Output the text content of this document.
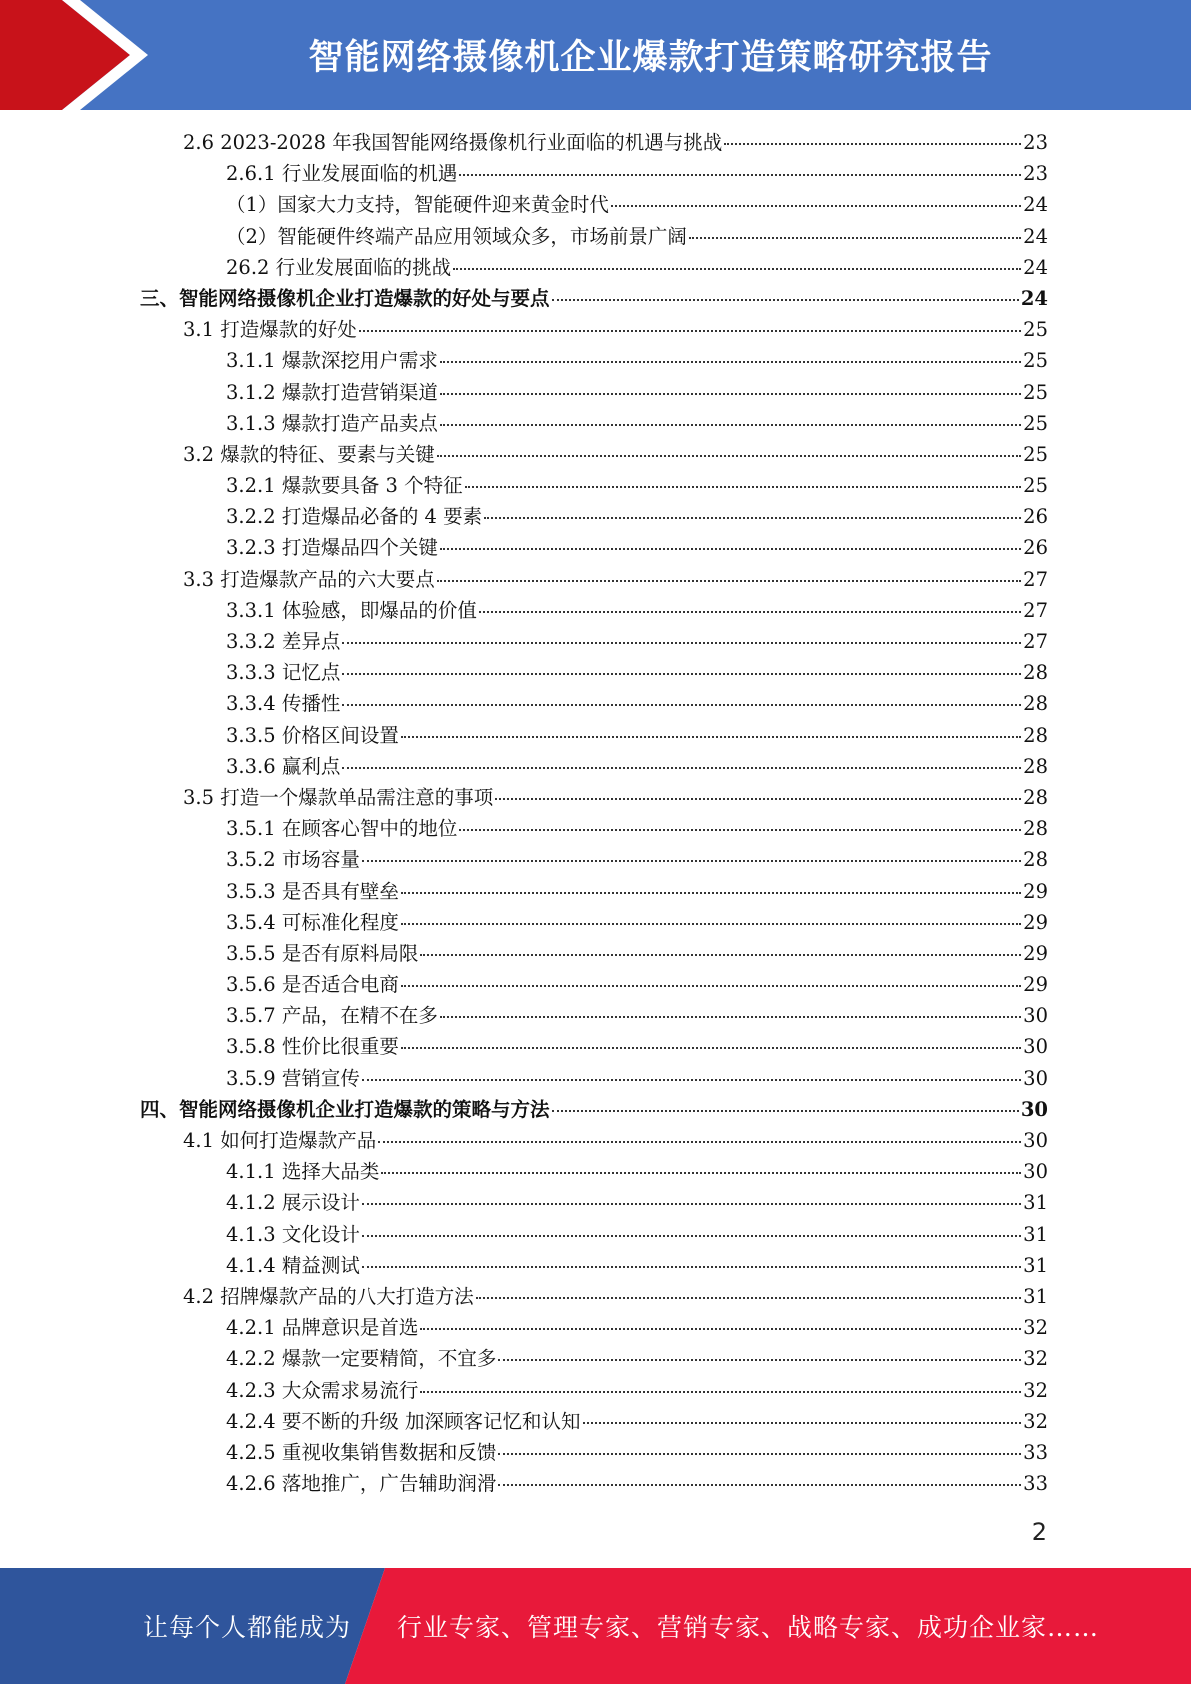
智能网络摄像机企业爆款打造策略研究报告
2.6 2023-2028 年我国智能网络摄像机行业面临的机遇与挑战	23
2.6.1 行业发展面临的机遇	23
（1）国家大力支持，智能硬件迎来黄金时代	24
（2）智能硬件终端产品应用领域众多，市场前景广阔	24
26.2 行业发展面临的挑战	24
三、智能网络摄像机企业打造爆款的好处与要点	24
3.1 打造爆款的好处	25
3.1.1 爆款深挖用户需求	25
3.1.2 爆款打造营销渠道	25
3.1.3 爆款打造产品卖点	25
3.2 爆款的特征、要素与关键	25
3.2.1 爆款要具备 3 个特征	25
3.2.2 打造爆品必备的 4 要素	26
3.2.3 打造爆品四个关键	26
3.3 打造爆款产品的六大要点	27
3.3.1 体验感，即爆品的价值	27
3.3.2 差异点	27
3.3.3 记忆点	28
3.3.4 传播性	28
3.3.5 价格区间设置	28
3.3.6 赢利点	28
3.5 打造一个爆款单品需注意的事项	28
3.5.1 在顾客心智中的地位	28
3.5.2 市场容量	28
3.5.3 是否具有壁垒	29
3.5.4 可标准化程度	29
3.5.5 是否有原料局限	29
3.5.6 是否适合电商	29
3.5.7 产品，在精不在多	30
3.5.8 性价比很重要	30
3.5.9 营销宣传	30
四、智能网络摄像机企业打造爆款的策略与方法	30
4.1 如何打造爆款产品	30
4.1.1 选择大品类	30
4.1.2 展示设计	31
4.1.3 文化设计	31
4.1.4 精益测试	31
4.2 招牌爆款产品的八大打造方法	31
4.2.1 品牌意识是首选	32
4.2.2 爆款一定要精简，不宜多	32
4.2.3 大众需求易流行	32
4.2.4 要不断的升级 加深顾客记忆和认知	32
4.2.5 重视收集销售数据和反馈	33
4.2.6 落地推广，广告辅助润滑	33
2
让每个人都能成为 行业专家、管理专家、营销专家、战略专家、成功企业家……
